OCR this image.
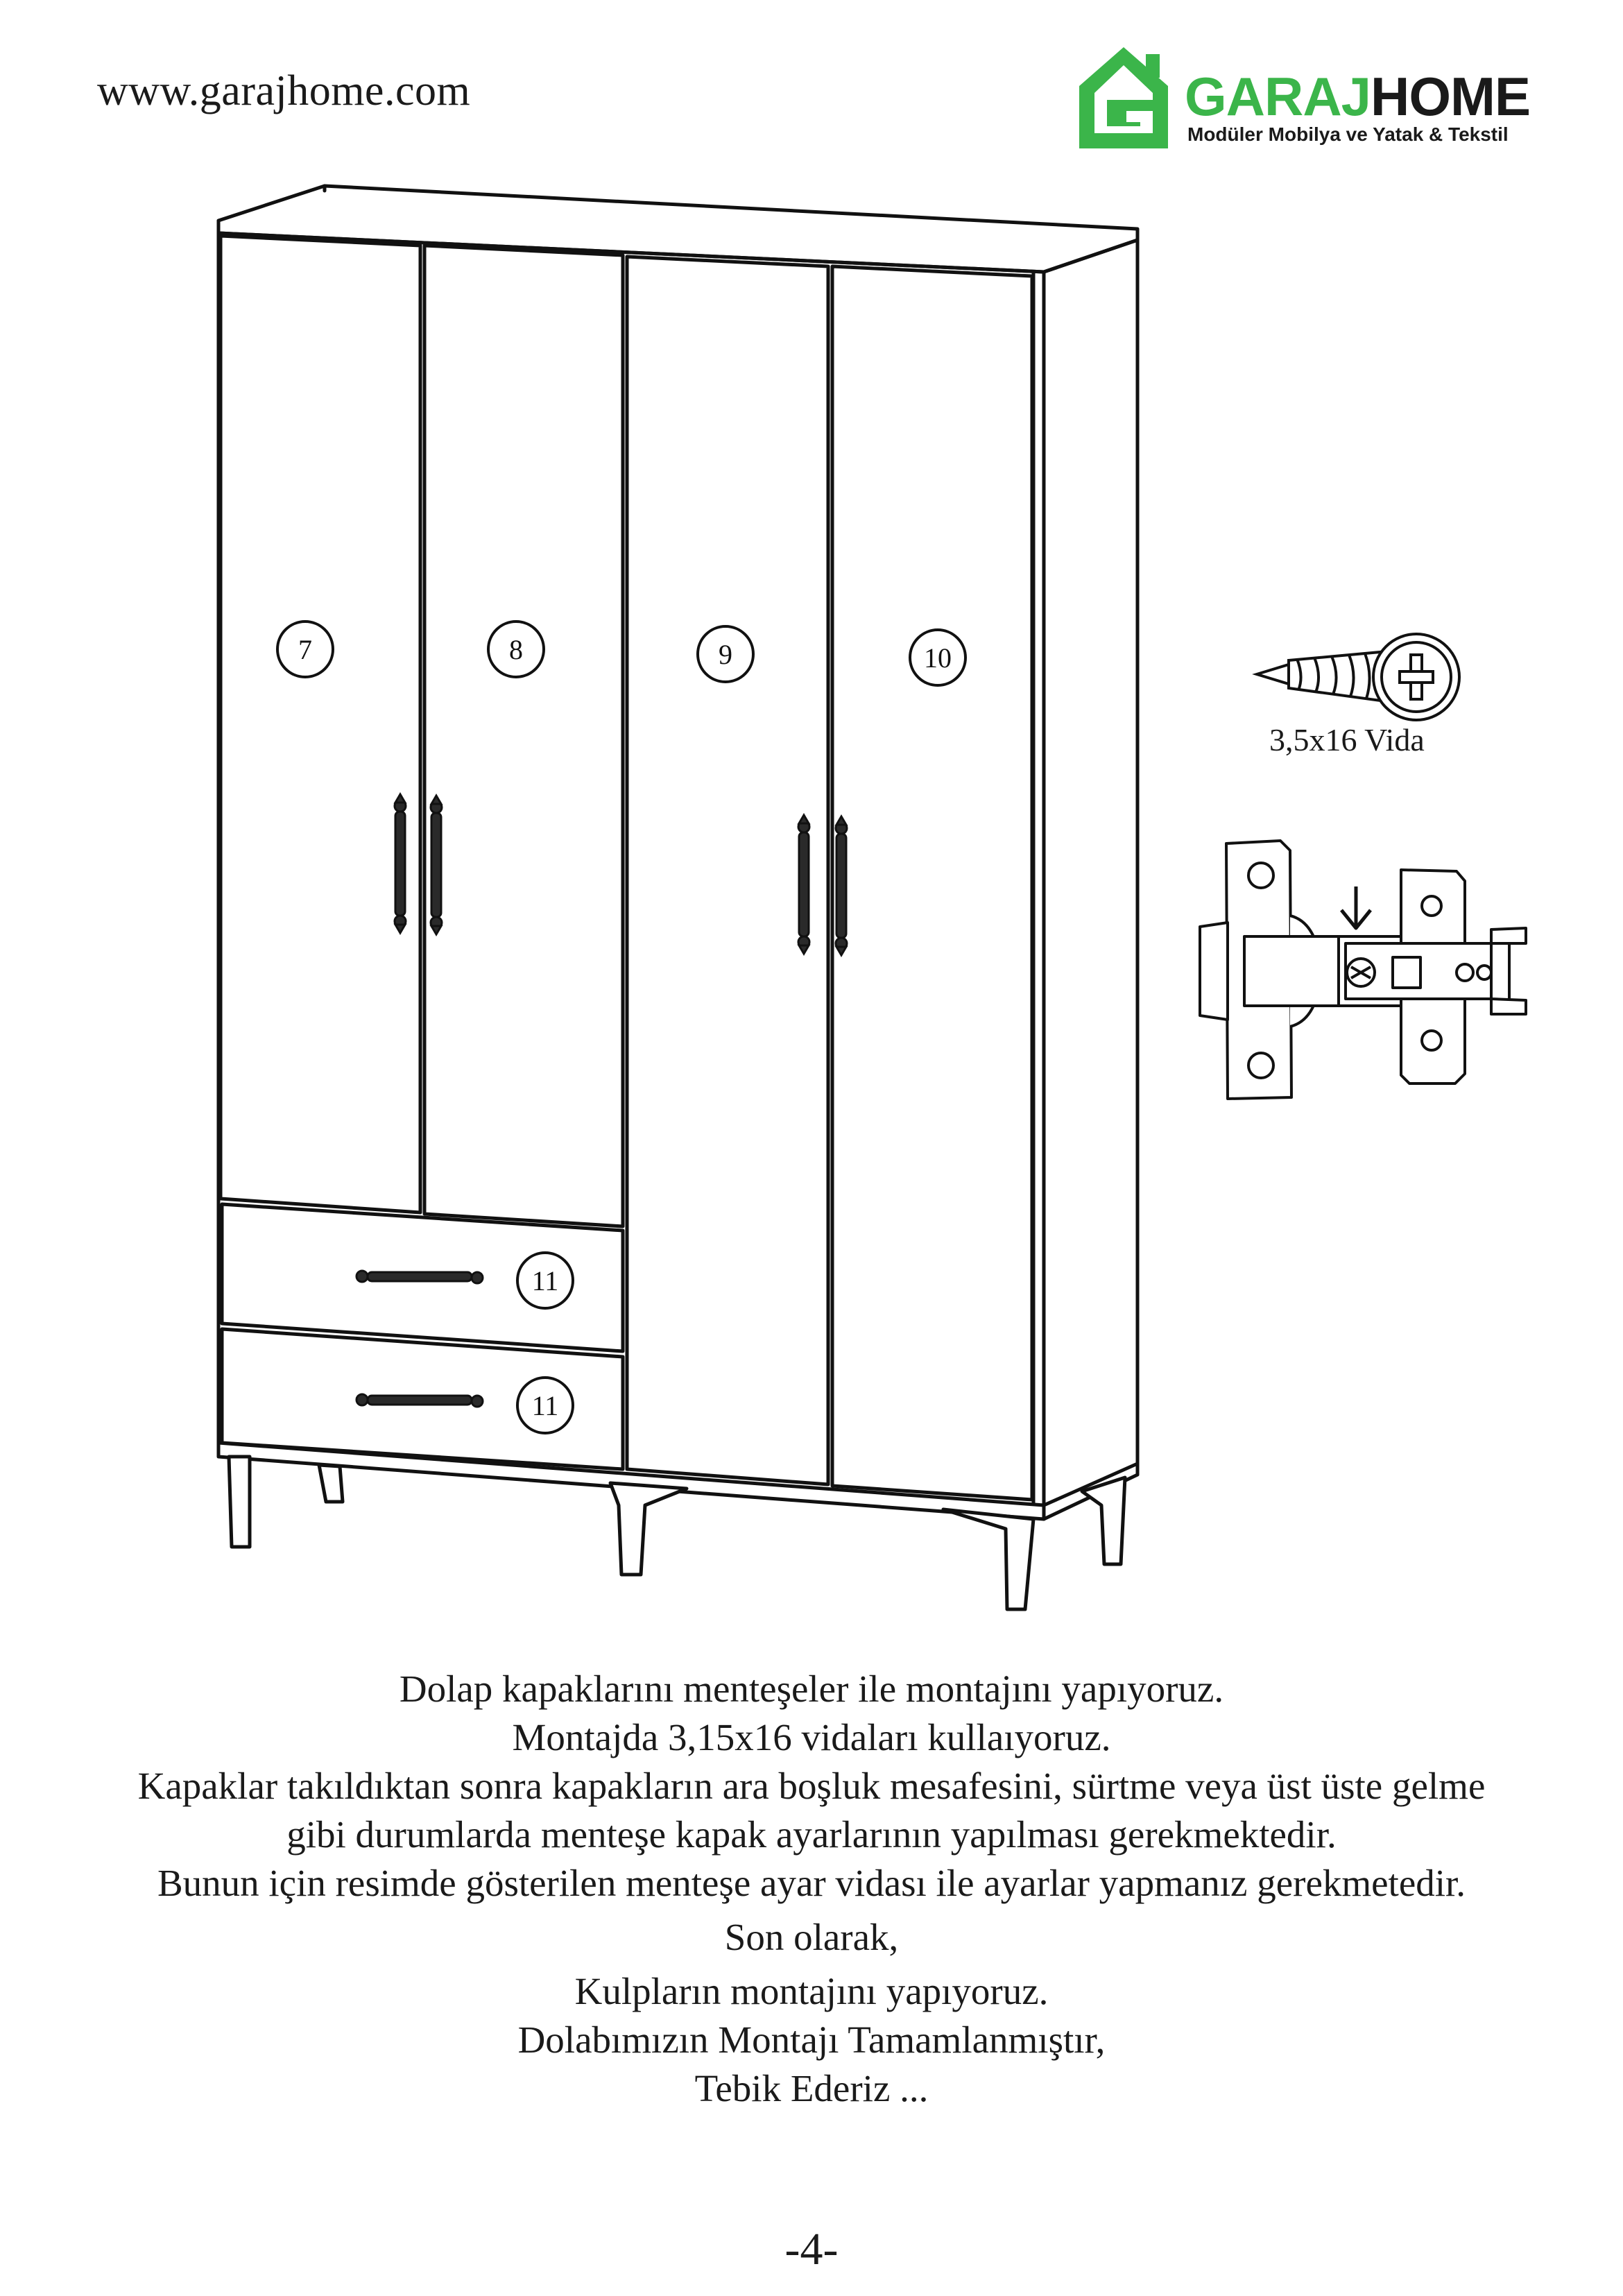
www.garajhome.com	GARAJHOME
Modüler Mobilya ve Yatak & Tekstil
7	8	9	10
11
11
3,5x16 Vida

Dolap kapaklarını menteşeler ile montajını yapıyoruz.

Montajda 3,15x16 vidaları kullaıyoruz.

Kapaklar takıldıktan sonra kapakların ara boşluk mesafesini, sürtme veya üst üste gelme

gibi durumlarda menteşe kapak ayarlarının yapılması gerekmektedir.

Bunun için resimde gösterilen menteşe ayar vidası ile ayarlar yapmanız gerekmetedir.

Son olarak,

Kulpların montajını yapıyoruz.

Dolabımızın Montajı Tamamlanmıştır,

Tebik Ederiz ...

-4-
